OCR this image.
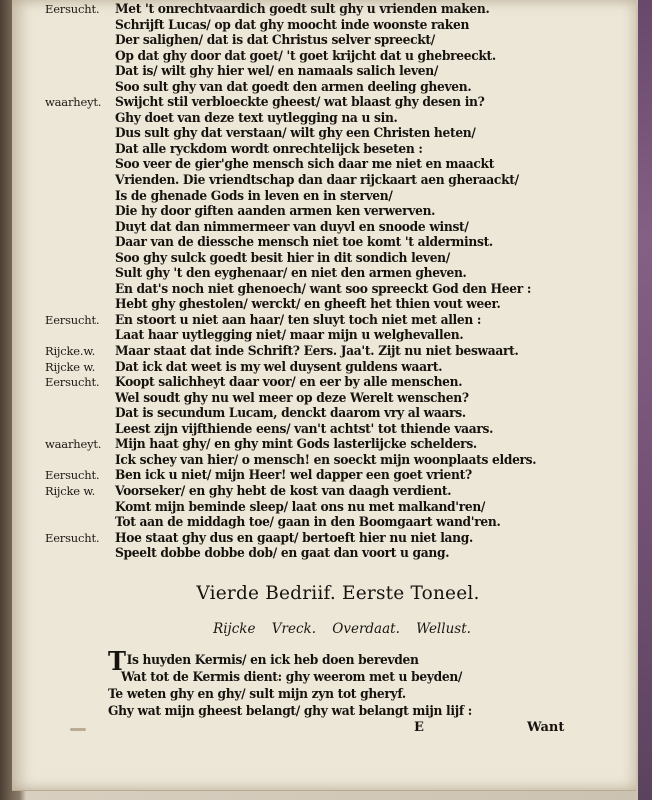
Eersucht.	Met 't onrechtvaardich goedt sult ghy u vrienden maken.
Schrijft Lucas/ op dat ghy moocht inde woonste raken
Der salighen/ dat is dat Christus selver spreeckt/
Op dat ghy door dat goet/ 't goet krijcht dat u ghebreeckt.
Dat is/ wilt ghy hier wel/ en namaals salich leven/
Soo sult ghy van dat goedt den armen deeling gheven.
waarheyt.	Swijcht stil verbloeckte gheest/ wat blaast ghy desen in?
Ghy doet van deze text uytlegging na u sin.
Dus sult ghy dat verstaan/ wilt ghy een Christen heten/
Dat alle ryckdom wordt onrechtelijck beseten :
Soo veer de gier'ghe mensch sich daar me niet en maackt
Vrienden. Die vriendtschap dan daar rijckaart aen gheraackt/
Is de ghenade Gods in leven en in sterven/
Die hy door giften aanden armen ken verwerven.
Duyt dat dan nimmermeer van duyvl en snoode winst/
Daar van de diessche mensch niet toe komt 't alderminst.
Soo ghy sulck goedt besit hier in dit sondich leven/
Sult ghy 't den eyghenaar/ en niet den armen gheven.
En dat's noch niet ghenoech/ want soo spreeckt God den Heer :
Hebt ghy ghestolen/ werckt/ en gheeft het thien vout weer.
Eersucht.	En stoort u niet aan haar/ ten sluyt toch niet met allen :
Laat haar uytlegging niet/ maar mijn u welghevallen.
Rijcke.w.	Maar staat dat inde Schrift? Eers. Jaa't. Zijt nu niet beswaart.
Rijcke w.	Dat ick dat weet is my wel duysent guldens waart.
Eersucht.	Koopt salichheyt daar voor/ en eer by alle menschen.
Wel soudt ghy nu wel meer op deze Werelt wenschen?
Dat is secundum Lucam, denckt daarom vry al waars.
Leest zijn vijfthiende eens/ van't achtst' tot thiende vaars.
waarheyt.	Mijn haat ghy/ en ghy mint Gods lasterlijcke schelders.
Ick schey van hier/ o mensch! en soeckt mijn woonplaats elders.
Eersucht.	Ben ick u niet/ mijn Heer! wel dapper een goet vrient?
Rijcke w.	Voorseker/ en ghy hebt de kost van daagh verdient.
Komt mijn beminde sleep/ laat ons nu met malkand'ren/
Tot aan de middagh toe/ gaan in den Boomgaart wand'ren.
Eersucht.	Hoe staat ghy dus en gaapt/ bertoeft hier nu niet lang.
Speelt dobbe dobbe dob/ en gaat dan voort u gang.
Vierde Bedriif. Eerste Toneel.
Rijcke Vreck. Overdaat. Wellust.
TIs huyden Kermis/ en ick heb doen berevden
Wat tot de Kermis dient: ghy weerom met u beyden/
Te weten ghy en ghy/ sult mijn zyn tot gheryf.
Ghy wat mijn gheest belangt/ ghy wat belangt mijn lijf :
E	Want
